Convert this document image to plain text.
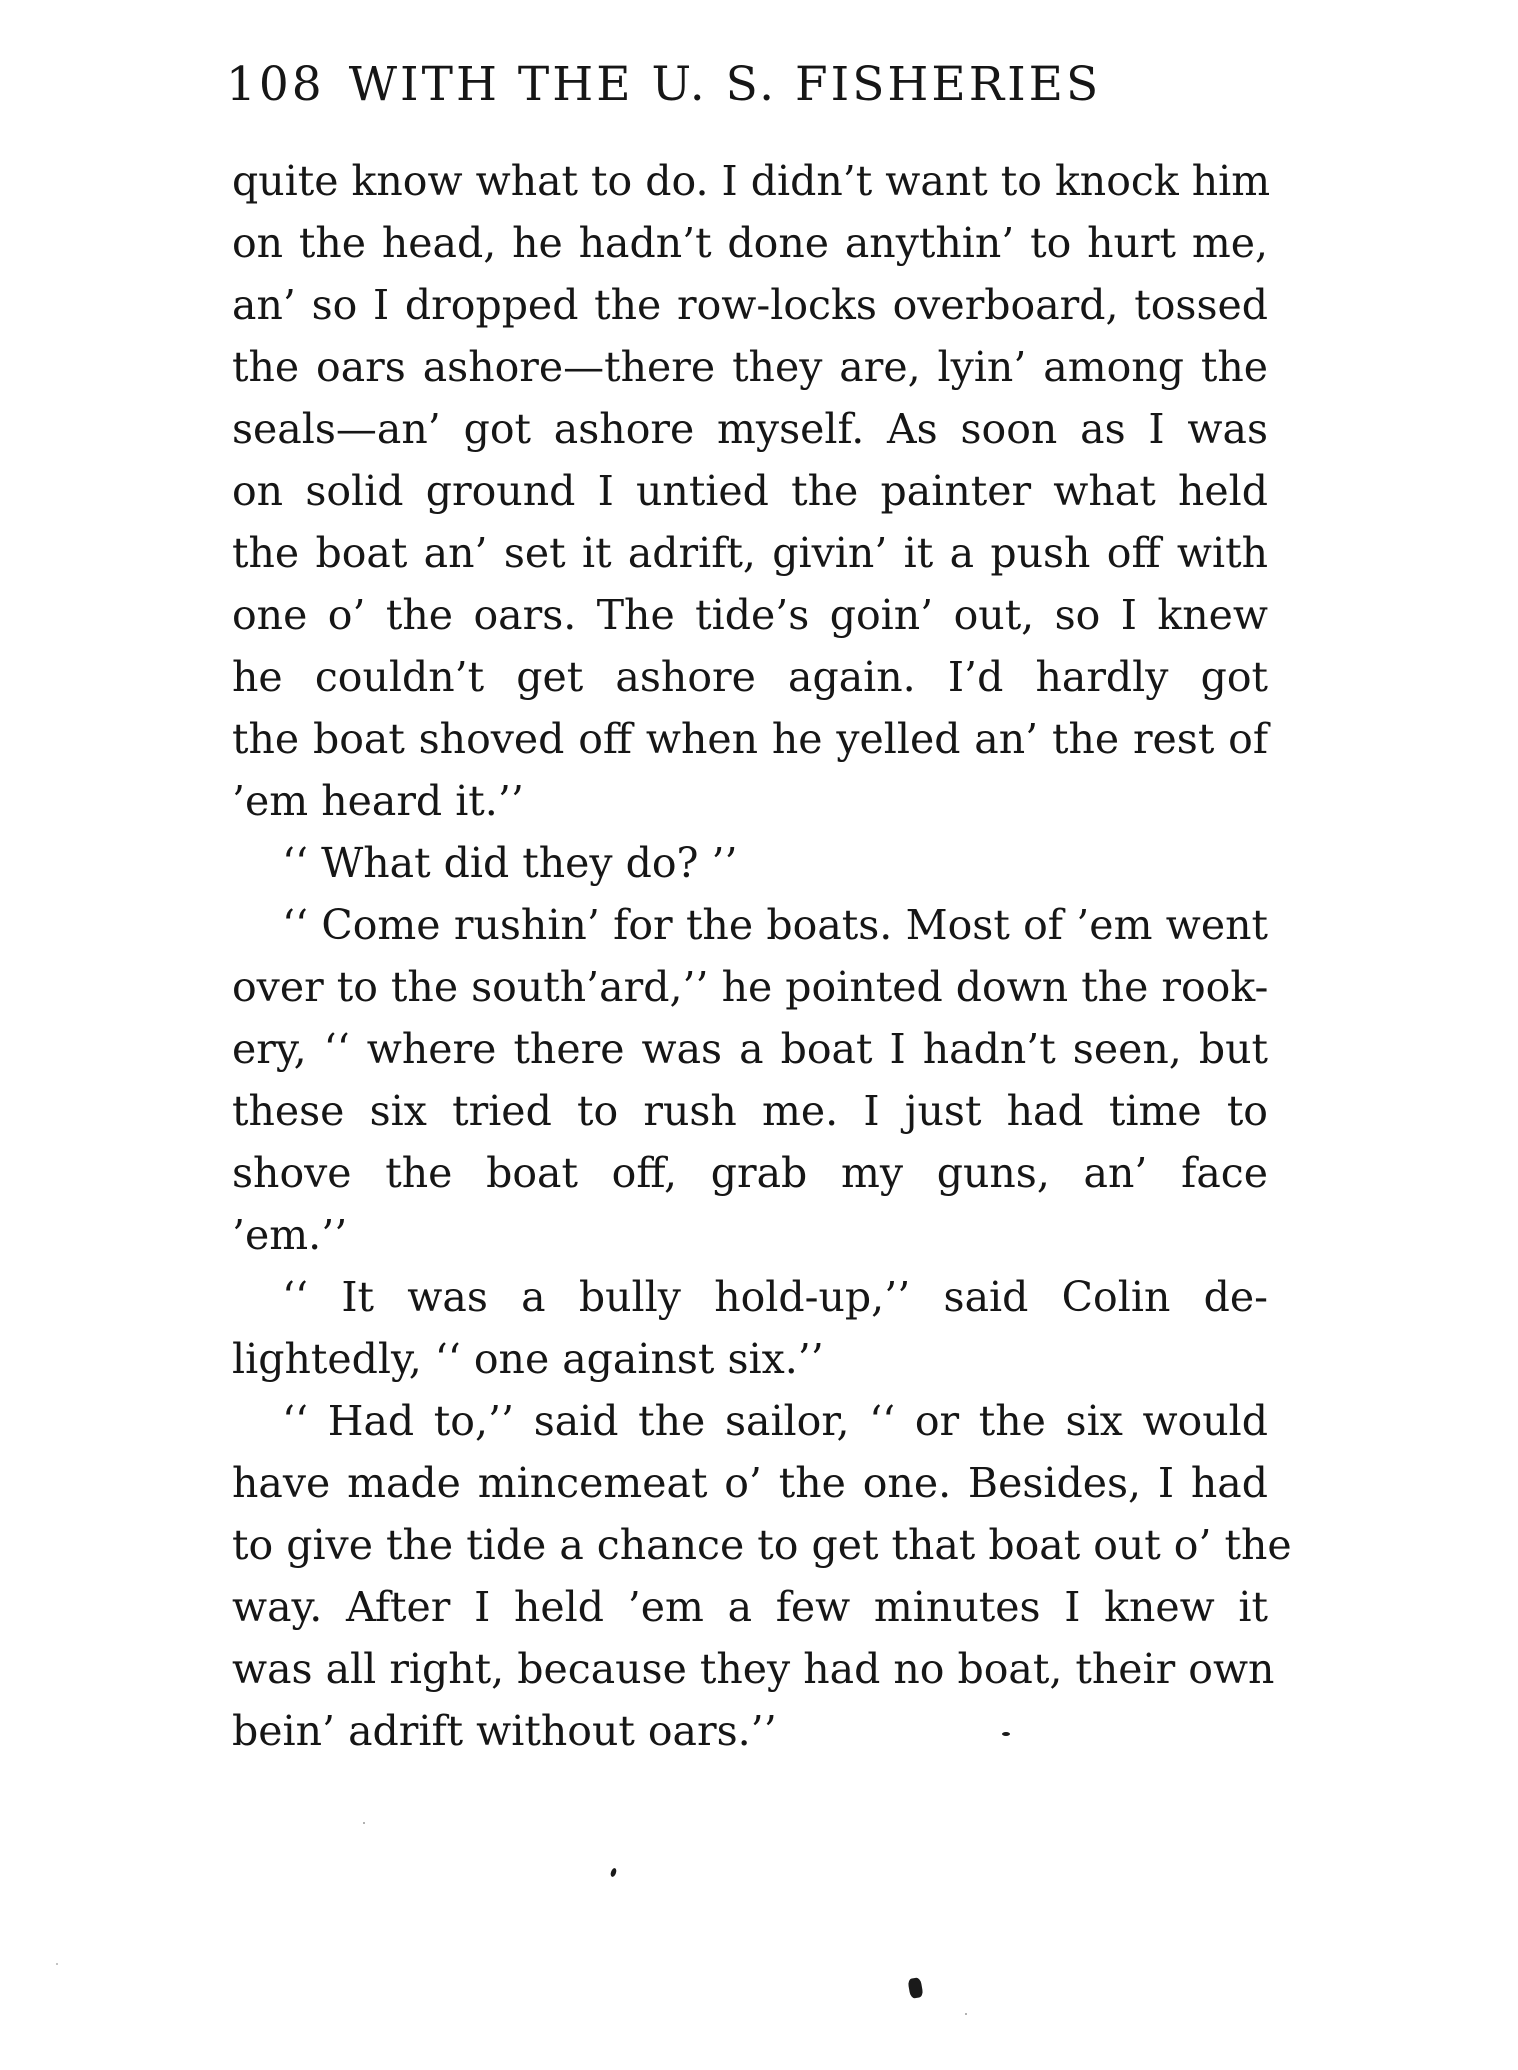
108 WITH THE U. S. FISHERIES
quite know what to do. I didn’t want to knock him
on the head, he hadn’t done anythin’ to hurt me,
an’ so I dropped the row-locks overboard, tossed
the oars ashore—there they are, lyin’ among the
seals—an’ got ashore myself. As soon as I was
on solid ground I untied the painter what held
the boat an’ set it adrift, givin’ it a push off with
one o’ the oars. The tide’s goin’ out, so I knew
he couldn’t get ashore again. I’d hardly got
the boat shoved off when he yelled an’ the rest of
’em heard it.’’
‘‘ What did they do? ’’
‘‘ Come rushin’ for the boats. Most of ’em went
over to the south’ard,’’ he pointed down the rook-
ery, ‘‘ where there was a boat I hadn’t seen, but
these six tried to rush me. I just had time to
shove the boat off, grab my guns, an’ face
’em.’’
‘‘ It was a bully hold-up,’’ said Colin de-
lightedly, ‘‘ one against six.’’
‘‘ Had to,’’ said the sailor, ‘‘ or the six would
have made mincemeat o’ the one. Besides, I had
to give the tide a chance to get that boat out o’ the
way. After I held ’em a few minutes I knew it
was all right, because they had no boat, their own
bein’ adrift without oars.’’
